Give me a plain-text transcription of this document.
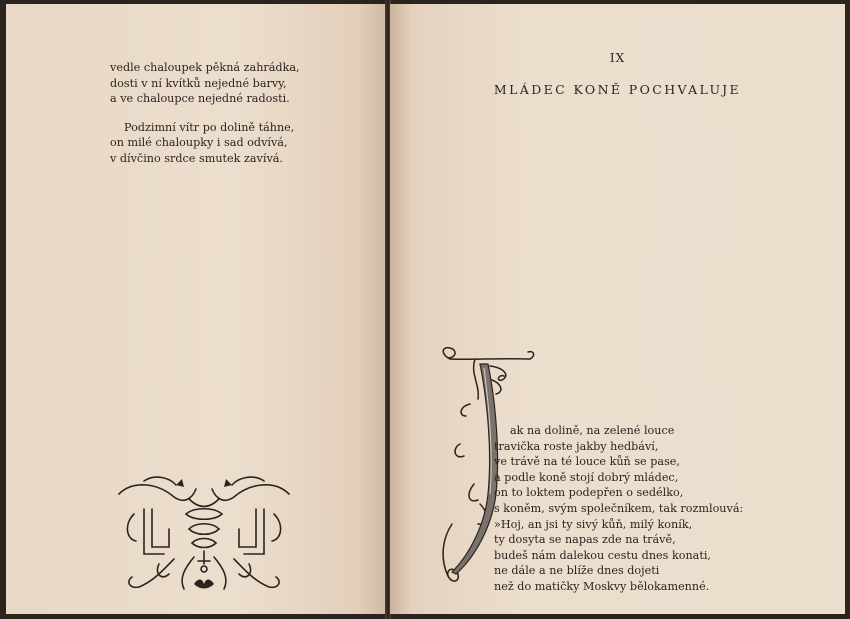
vedle chaloupek pěkná zahrádka,
dosti v ní kvítků nejedné barvy,
a ve chaloupce nejedné radosti.
Podzimní vítr po dolině táhne,
on milé chaloupky i sad odvívá,
v dívčino srdce smutek zavívá.
IX
MLÁDEC KONĚ POCHVALUJE
ak na dolině, na zelené louce
travička roste jakby hedbáví,
ve trávě na té louce kůň se pase,
a podle koně stojí dobrý mládec,
on to loktem podepřen o sedélko,
s koněm, svým společníkem, tak rozmlouvá:
»Hoj, an jsi ty sivý kůň, milý koník,
ty dosyta se napas zde na trávě,
budeš nám dalekou cestu dnes konati,
ne dále a ne blíže dnes dojeti
než do matičky Moskvy bělokamenné.
